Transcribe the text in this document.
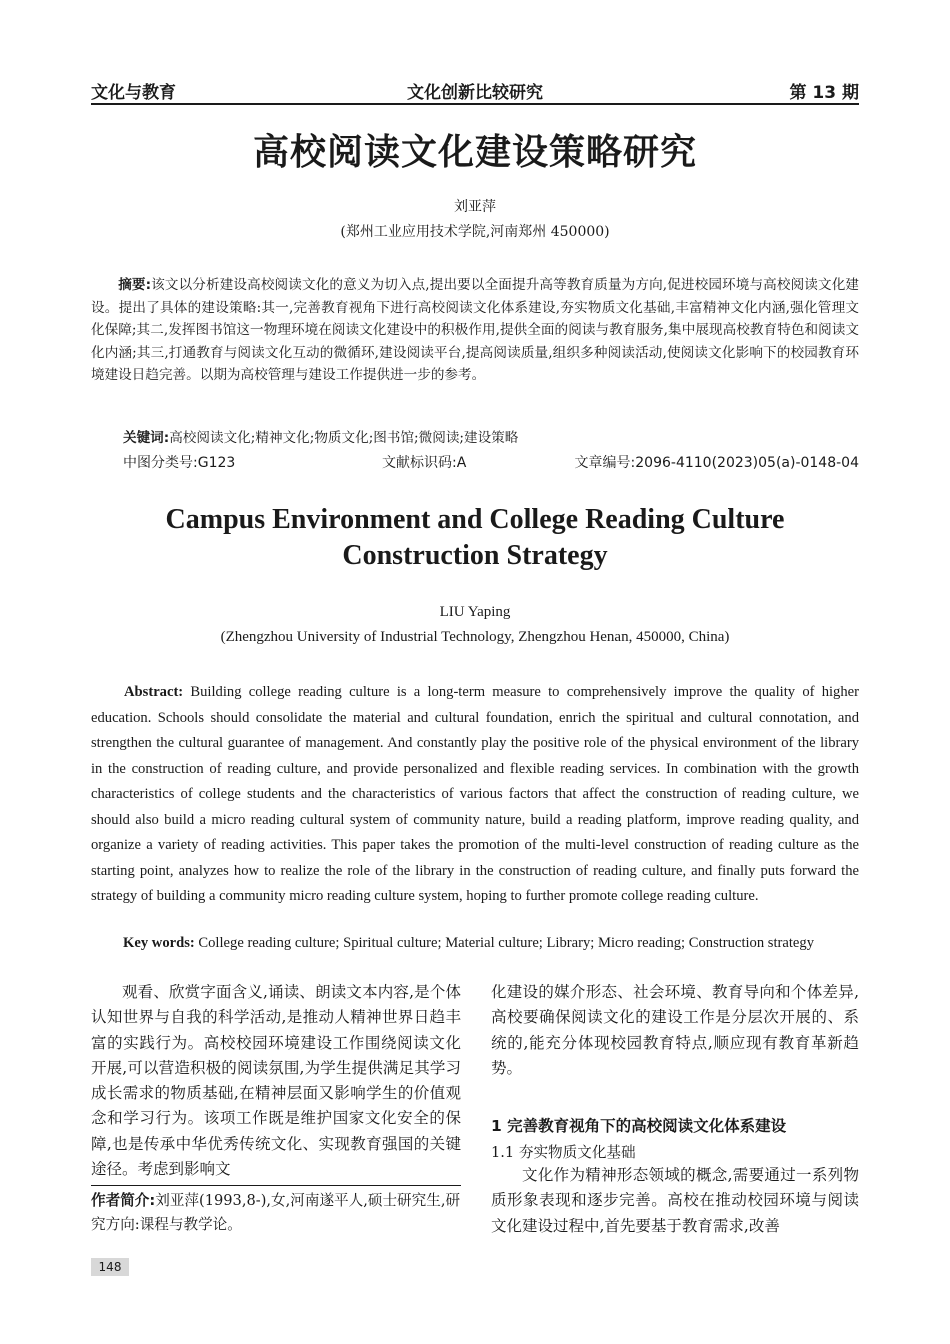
文化与教育	文化创新比较研究	第 13 期
高校阅读文化建设策略研究
刘亚萍
(郑州工业应用技术学院,河南郑州 450000)
摘要:该文以分析建设高校阅读文化的意义为切入点,提出要以全面提升高等教育质量为方向,促进校园环境与高校阅读文化建设。提出了具体的建设策略:其一,完善教育视角下进行高校阅读文化体系建设,夯实物质文化基础,丰富精神文化内涵,强化管理文化保障;其二,发挥图书馆这一物理环境在阅读文化建设中的积极作用,提供全面的阅读与教育服务,集中展现高校教育特色和阅读文化内涵;其三,打通教育与阅读文化互动的微循环,建设阅读平台,提高阅读质量,组织多种阅读活动,使阅读文化影响下的校园教育环境建设日趋完善。以期为高校管理与建设工作提供进一步的参考。
关键词:高校阅读文化;精神文化;物质文化;图书馆;微阅读;建设策略
中图分类号:G123	文献标识码:A	文章编号:2096-4110(2023)05(a)-0148-04
Campus Environment and College Reading Culture
Construction Strategy
LIU Yaping
(Zhengzhou University of Industrial Technology, Zhengzhou Henan, 450000, China)
Abstract: Building college reading culture is a long-term measure to comprehensively improve the quality of higher education. Schools should consolidate the material and cultural foundation, enrich the spiritual and cultural connotation, and strengthen the cultural guarantee of management. And constantly play the positive role of the physical environment of the library in the construction of reading culture, and provide personalized and flexible reading services. In combination with the growth characteristics of college students and the characteristics of various factors that affect the construction of reading culture, we should also build a micro reading cultural system of community nature, build a reading platform, improve reading quality, and organize a variety of reading activities. This paper takes the promotion of the multi-level construction of reading culture as the starting point, analyzes how to realize the role of the library in the construction of reading culture, and finally puts forward the strategy of building a community micro reading culture system, hoping to further promote college reading culture.
Key words: College reading culture; Spiritual culture; Material culture; Library; Micro reading; Construction strategy

观看、欣赏字面含义,诵读、朗读文本内容,是个体认知世界与自我的科学活动,是推动人精神世界日趋丰富的实践行为。高校校园环境建设工作围绕阅读文化开展,可以营造积极的阅读氛围,为学生提供满足其学习成长需求的物质基础,在精神层面又影响学生的价值观念和学习行为。该项工作既是维护国家文化安全的保障,也是传承中华优秀传统文化、实现教育强国的关键途径。考虑到影响文

作者简介:刘亚萍(1993,8-),女,河南遂平人,硕士研究生,研究方向:课程与教学论。

化建设的媒介形态、社会环境、教育导向和个体差异,高校要确保阅读文化的建设工作是分层次开展的、系统的,能充分体现校园教育特点,顺应现有教育革新趋势。

1 完善教育视角下的高校阅读文化体系建设
1.1 夯实物质文化基础
文化作为精神形态领域的概念,需要通过一系列物质形象表现和逐步完善。高校在推动校园环境与阅读文化建设过程中,首先要基于教育需求,改善
148
